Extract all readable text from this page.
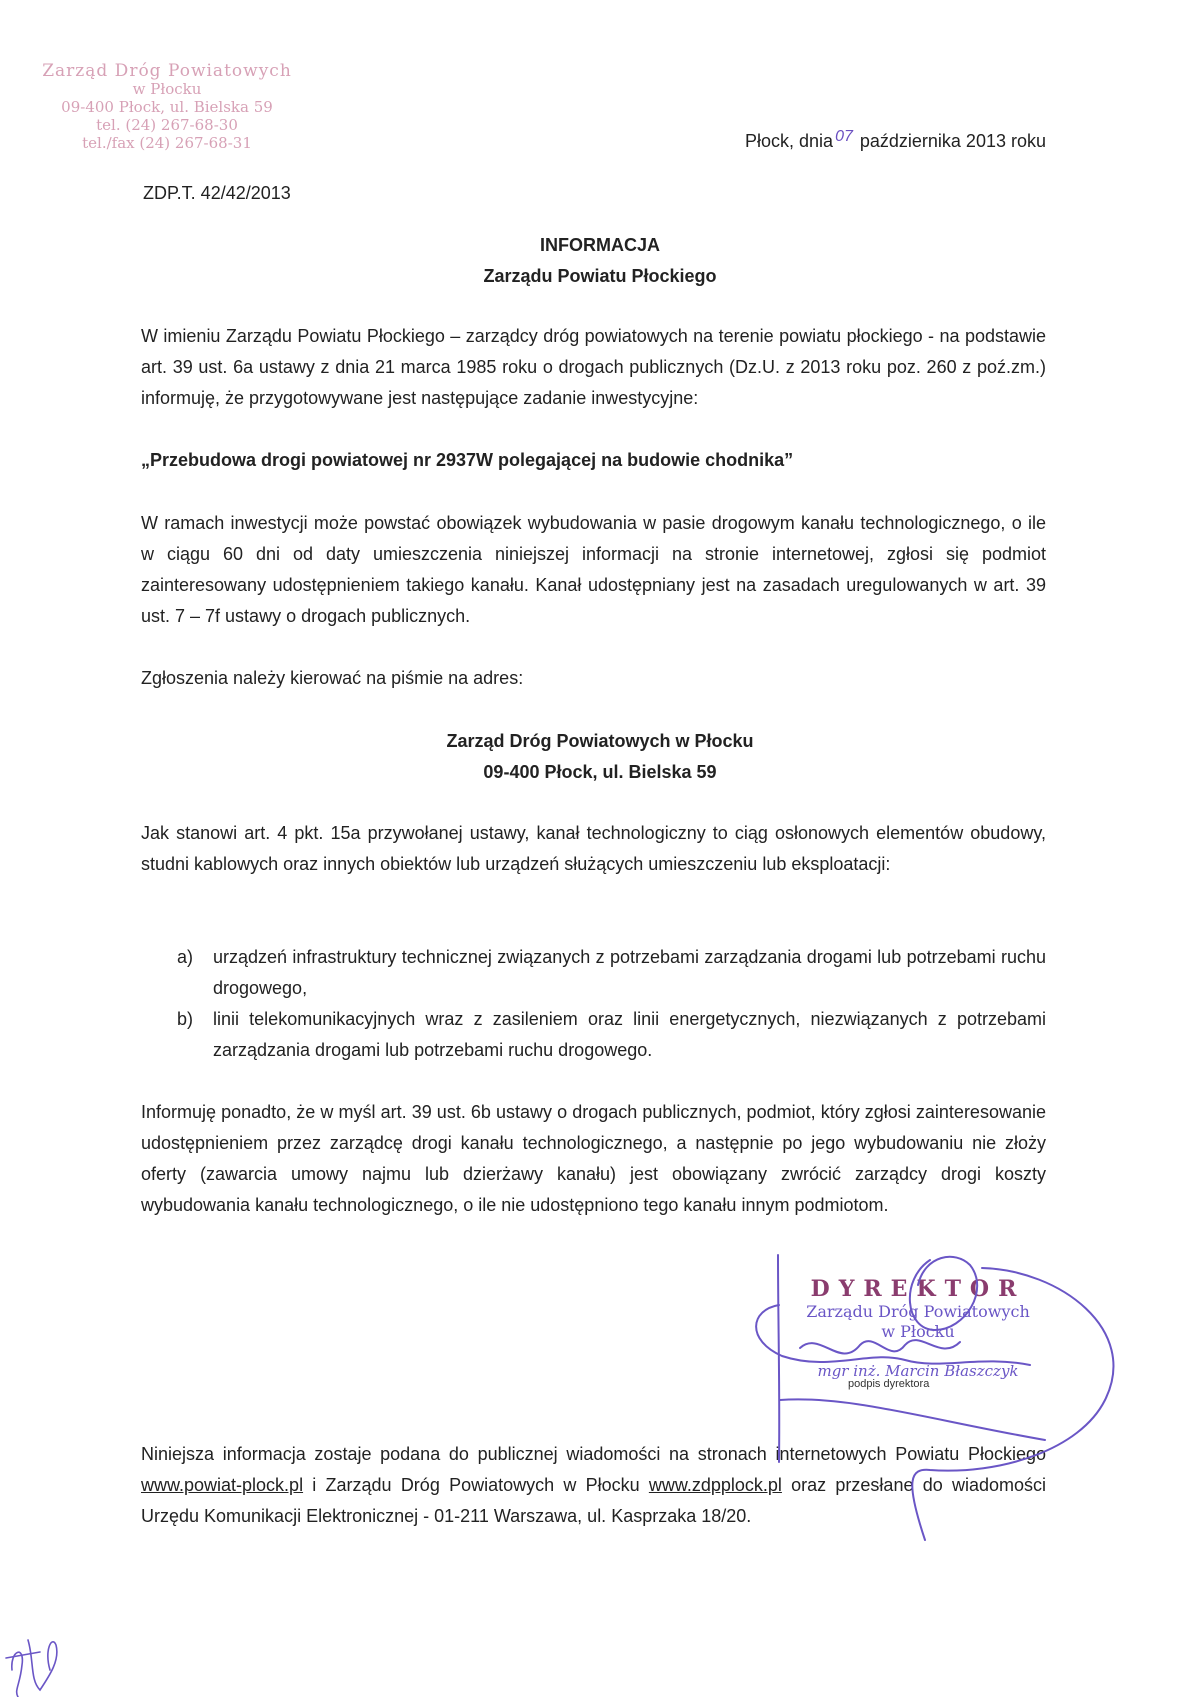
Zarząd Dróg Powiatowych
w Płocku
09-400 Płock, ul. Bielska 59
tel. (24) 267-68-30
tel./fax (24) 267-68-31	Płock, dnia 07 października 2013 roku
ZDP.T. 42/42/2013
INFORMACJA
Zarządu Powiatu Płockiego
W imieniu Zarządu Powiatu Płockiego – zarządcy dróg powiatowych na terenie powiatu płockiego - na podstawie art. 39 ust. 6a ustawy z dnia 21 marca 1985 roku o drogach publicznych (Dz.U. z 2013 roku poz. 260 z poź.zm.) informuję, że przygotowywane jest następujące zadanie inwestycyjne:
„Przebudowa drogi powiatowej nr 2937W polegającej na budowie chodnika”
W ramach inwestycji może powstać obowiązek wybudowania w pasie drogowym kanału technologicznego, o ile w ciągu 60 dni od daty umieszczenia niniejszej informacji na stronie internetowej, zgłosi się podmiot zainteresowany udostępnieniem takiego kanału. Kanał udostępniany jest na zasadach uregulowanych w art. 39 ust. 7 – 7f ustawy o drogach publicznych.
Zgłoszenia należy kierować na piśmie na adres:
Zarząd Dróg Powiatowych w Płocku
09-400 Płock, ul. Bielska 59
Jak stanowi art. 4 pkt. 15a przywołanej ustawy, kanał technologiczny to ciąg osłonowych elementów obudowy, studni kablowych oraz innych obiektów lub urządzeń służących umieszczeniu lub eksploatacji:
a)	urządzeń infrastruktury technicznej związanych z potrzebami zarządzania drogami lub potrzebami ruchu drogowego,
b)	linii telekomunikacyjnych wraz z zasileniem oraz linii energetycznych, niezwiązanych z potrzebami zarządzania drogami lub potrzebami ruchu drogowego.
Informuję ponadto, że w myśl art. 39 ust. 6b ustawy o drogach publicznych, podmiot, który zgłosi zainteresowanie udostępnieniem przez zarządcę drogi kanału technologicznego, a następnie po jego wybudowaniu nie złoży oferty (zawarcia umowy najmu lub dzierżawy kanału) jest obowiązany zwrócić zarządcy drogi koszty wybudowania kanału technologicznego, o ile nie udostępniono tego kanału innym podmiotom.
DYREKTOR
Zarządu Dróg Powiatowych
w Płocku
mgr inż. Marcin Błaszczyk
podpis dyrektora
Niniejsza informacja zostaje podana do publicznej wiadomości na stronach internetowych Powiatu Płockiego www.powiat-plock.pl i Zarządu Dróg Powiatowych w Płocku www.zdpplock.pl oraz przesłane do wiadomości Urzędu Komunikacji Elektronicznej - 01-211 Warszawa, ul. Kasprzaka 18/20.
